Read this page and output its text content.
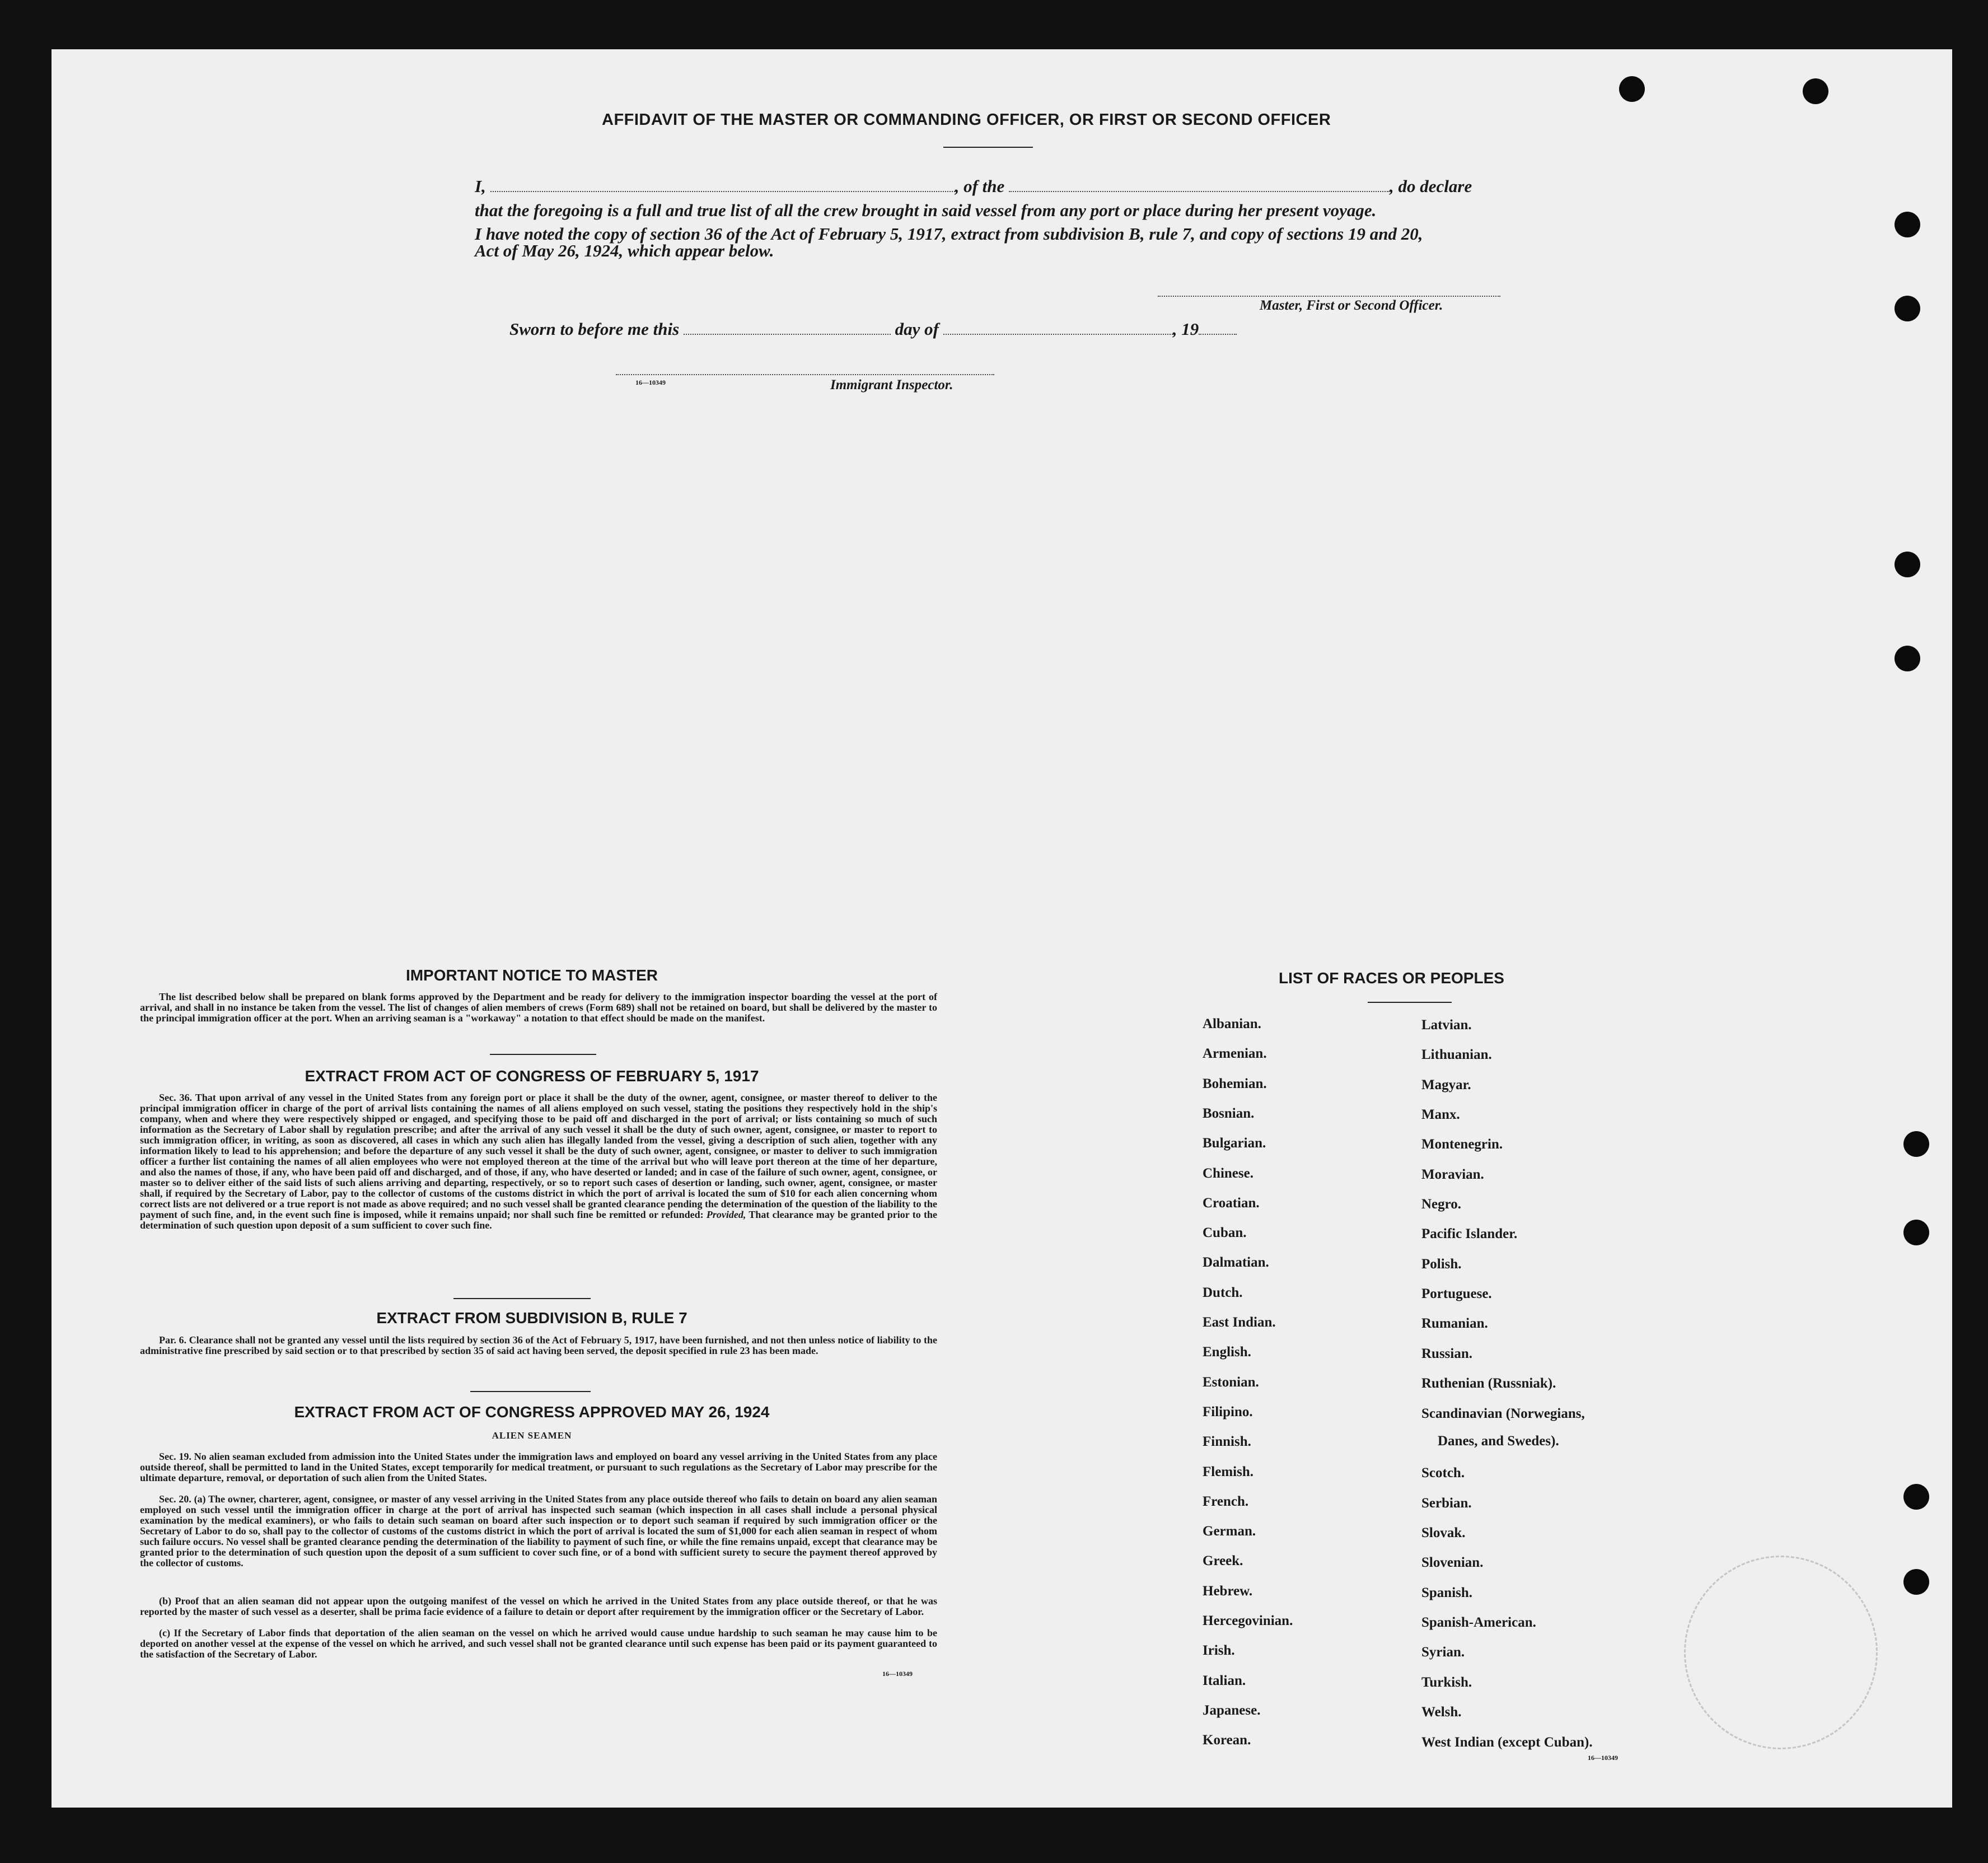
AFFIDAVIT OF THE MASTER OR COMMANDING OFFICER, OR FIRST OR SECOND OFFICER
I,	, of the	, do declare
that the foregoing is a full and true list of all the crew brought in said vessel from any port or place during her present voyage.
I have noted the copy of section 36 of the Act of February 5, 1917, extract from subdivision B, rule 7, and copy of sections 19 and 20,
Act of May 26, 1924, which appear below.
Master, First or Second Officer.
Sworn to before me this	day of	, 19
16—10349	Immigrant Inspector.
IMPORTANT NOTICE TO MASTER
The list described below shall be prepared on blank forms approved by the Department and be ready for delivery to the immigration inspector boarding the vessel at the port of arrival, and shall in no instance be taken from the vessel. The list of changes of alien members of crews (Form 689) shall not be retained on board, but shall be delivered by the master to the principal immigration officer at the port. When an arriving seaman is a "workaway" a notation to that effect should be made on the manifest.
EXTRACT FROM ACT OF CONGRESS OF FEBRUARY 5, 1917
Sec. 36. That upon arrival of any vessel in the United States from any foreign port or place it shall be the duty of the owner, agent, consignee, or master thereof to deliver to the principal immigration officer in charge of the port of arrival lists containing the names of all aliens employed on such vessel, stating the positions they respectively hold in the ship's company, when and where they were respectively shipped or engaged, and specifying those to be paid off and discharged in the port of arrival; or lists containing so much of such information as the Secretary of Labor shall by regulation prescribe; and after the arrival of any such vessel it shall be the duty of such owner, agent, consignee, or master to report to such immigration officer, in writing, as soon as discovered, all cases in which any such alien has illegally landed from the vessel, giving a description of such alien, together with any information likely to lead to his apprehension; and before the departure of any such vessel it shall be the duty of such owner, agent, consignee, or master to deliver to such immigration officer a further list containing the names of all alien employees who were not employed thereon at the time of the arrival but who will leave port thereon at the time of her departure, and also the names of those, if any, who have been paid off and discharged, and of those, if any, who have deserted or landed; and in case of the failure of such owner, agent, consignee, or master so to deliver either of the said lists of such aliens arriving and departing, respectively, or so to report such cases of desertion or landing, such owner, agent, consignee, or master shall, if required by the Secretary of Labor, pay to the collector of customs of the customs district in which the port of arrival is located the sum of $10 for each alien concerning whom correct lists are not delivered or a true report is not made as above required; and no such vessel shall be granted clearance pending the determination of the question of the liability to the payment of such fine, and, in the event such fine is imposed, while it remains unpaid; nor shall such fine be remitted or refunded: Provided, That clearance may be granted prior to the determination of such question upon deposit of a sum sufficient to cover such fine.
EXTRACT FROM SUBDIVISION B, RULE 7
Par. 6. Clearance shall not be granted any vessel until the lists required by section 36 of the Act of February 5, 1917, have been furnished, and not then unless notice of liability to the administrative fine prescribed by said section or to that prescribed by section 35 of said act having been served, the deposit specified in rule 23 has been made.
EXTRACT FROM ACT OF CONGRESS APPROVED MAY 26, 1924
ALIEN SEAMEN
Sec. 19. No alien seaman excluded from admission into the United States under the immigration laws and employed on board any vessel arriving in the United States from any place outside thereof, shall be permitted to land in the United States, except temporarily for medical treatment, or pursuant to such regulations as the Secretary of Labor may prescribe for the ultimate departure, removal, or deportation of such alien from the United States.
Sec. 20. (a) The owner, charterer, agent, consignee, or master of any vessel arriving in the United States from any place outside thereof who fails to detain on board any alien seaman employed on such vessel until the immigration officer in charge at the port of arrival has inspected such seaman (which inspection in all cases shall include a personal physical examination by the medical examiners), or who fails to detain such seaman on board after such inspection or to deport such seaman if required by such immigration officer or the Secretary of Labor to do so, shall pay to the collector of customs of the customs district in which the port of arrival is located the sum of $1,000 for each alien seaman in respect of whom such failure occurs. No vessel shall be granted clearance pending the determination of the liability to payment of such fine, or while the fine remains unpaid, except that clearance may be granted prior to the determination of such question upon the deposit of a sum sufficient to cover such fine, or of a bond with sufficient surety to secure the payment thereof approved by the collector of customs.
(b) Proof that an alien seaman did not appear upon the outgoing manifest of the vessel on which he arrived in the United States from any place outside thereof, or that he was reported by the master of such vessel as a deserter, shall be prima facie evidence of a failure to detain or deport after requirement by the immigration officer or the Secretary of Labor.
(c) If the Secretary of Labor finds that deportation of the alien seaman on the vessel on which he arrived would cause undue hardship to such seaman he may cause him to be deported on another vessel at the expense of the vessel on which he arrived, and such vessel shall not be granted clearance until such expense has been paid or its payment guaranteed to the satisfaction of the Secretary of Labor.
16—10349
LIST OF RACES OR PEOPLES
Albanian.
Armenian.
Bohemian.
Bosnian.
Bulgarian.
Chinese.
Croatian.
Cuban.
Dalmatian.
Dutch.
East Indian.
English.
Estonian.
Filipino.
Finnish.
Flemish.
French.
German.
Greek.
Hebrew.
Hercegovinian.
Irish.
Italian.
Japanese.
Korean.
Latvian.
Lithuanian.
Magyar.
Manx.
Montenegrin.
Moravian.
Negro.
Pacific Islander.
Polish.
Portuguese.
Rumanian.
Russian.
Ruthenian (Russniak).
Scandinavian (Norwegians,
Scotch.
Serbian.
Slovak.
Slovenian.
Spanish.
Spanish-American.
Syrian.
Turkish.
Welsh.
West Indian (except Cuban).
Danes, and Swedes).
16—10349
